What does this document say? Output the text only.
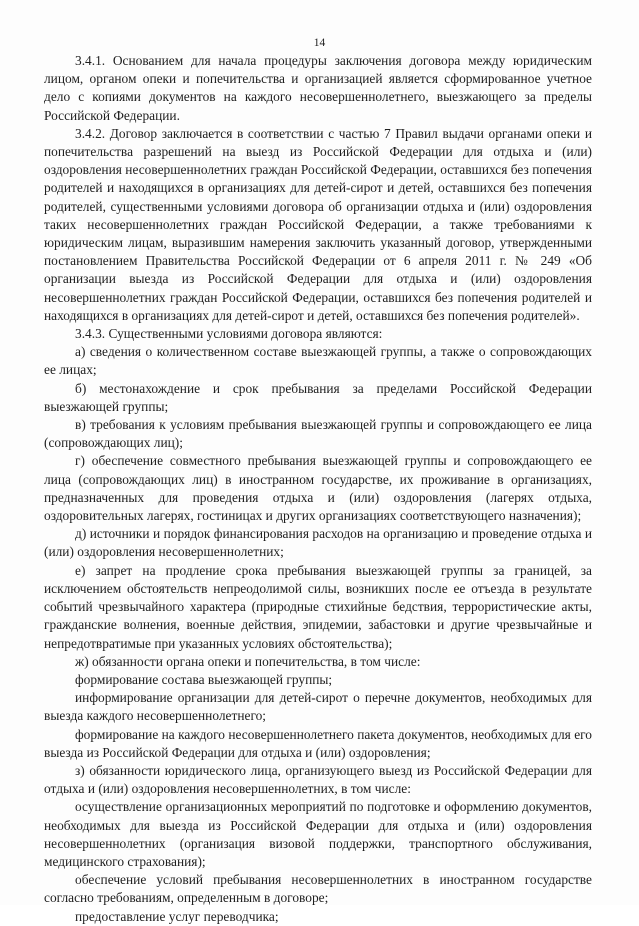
14

3.4.1. Основанием для начала процедуры заключения договора между юридическим лицом, органом опеки и попечительства и организацией является сформированное учетное дело с копиями документов на каждого несовершеннолетнего, выезжающего за пределы Российской Федерации.

3.4.2. Договор заключается в соответствии с частью 7 Правил выдачи органами опеки и попечительства разрешений на выезд из Российской Федерации для отдыха и (или) оздоровления несовершеннолетних граждан Российской Федерации, оставшихся без попечения родителей и находящихся в организациях для детей-сирот и детей, оставшихся без попечения родителей, существенными условиями договора об организации отдыха и (или) оздоровления таких несовершеннолетних граждан Российской Федерации, а также требованиями к юридическим лицам, выразившим намерения заключить указанный договор, утвержденными постановлением Правительства Российской Федерации от 6 апреля 2011 г. № 249 «Об организации выезда из Российской Федерации для отдыха и (или) оздоровления несовершеннолетних граждан Российской Федерации, оставшихся без попечения родителей и находящихся в организациях для детей-сирот и детей, оставшихся без попечения родителей».

3.4.3. Существенными условиями договора являются:

а) сведения о количественном составе выезжающей группы, а также о сопровождающих ее лицах;

б) местонахождение и срок пребывания за пределами Российской Федерации выезжающей группы;

в) требования к условиям пребывания выезжающей группы и сопровождающего ее лица (сопровождающих лиц);

г) обеспечение совместного пребывания выезжающей группы и сопровождающего ее лица (сопровождающих лиц) в иностранном государстве, их проживание в организациях, предназначенных для проведения отдыха и (или) оздоровления (лагерях отдыха, оздоровительных лагерях, гостиницах и других организациях соответствующего назначения);

д) источники и порядок финансирования расходов на организацию и проведение отдыха и (или) оздоровления несовершеннолетних;

е) запрет на продление срока пребывания выезжающей группы за границей, за исключением обстоятельств непреодолимой силы, возникших после ее отъезда в результате событий чрезвычайного характера (природные стихийные бедствия, террористические акты, гражданские волнения, военные действия, эпидемии, забастовки и другие чрезвычайные и непредотвратимые при указанных условиях обстоятельства);

ж) обязанности органа опеки и попечительства, в том числе:

формирование состава выезжающей группы;

информирование организации для детей-сирот о перечне документов, необходимых для выезда каждого несовершеннолетнего;

формирование на каждого несовершеннолетнего пакета документов, необходимых для его выезда из Российской Федерации для отдыха и (или) оздоровления;

з) обязанности юридического лица, организующего выезд из Российской Федерации для отдыха и (или) оздоровления несовершеннолетних, в том числе:

осуществление организационных мероприятий по подготовке и оформлению документов, необходимых для выезда из Российской Федерации для отдыха и (или) оздоровления несовершеннолетних (организация визовой поддержки, транспортного обслуживания, медицинского страхования);

обеспечение условий пребывания несовершеннолетних в иностранном государстве согласно требованиям, определенным в договоре;

предоставление услуг переводчика;
